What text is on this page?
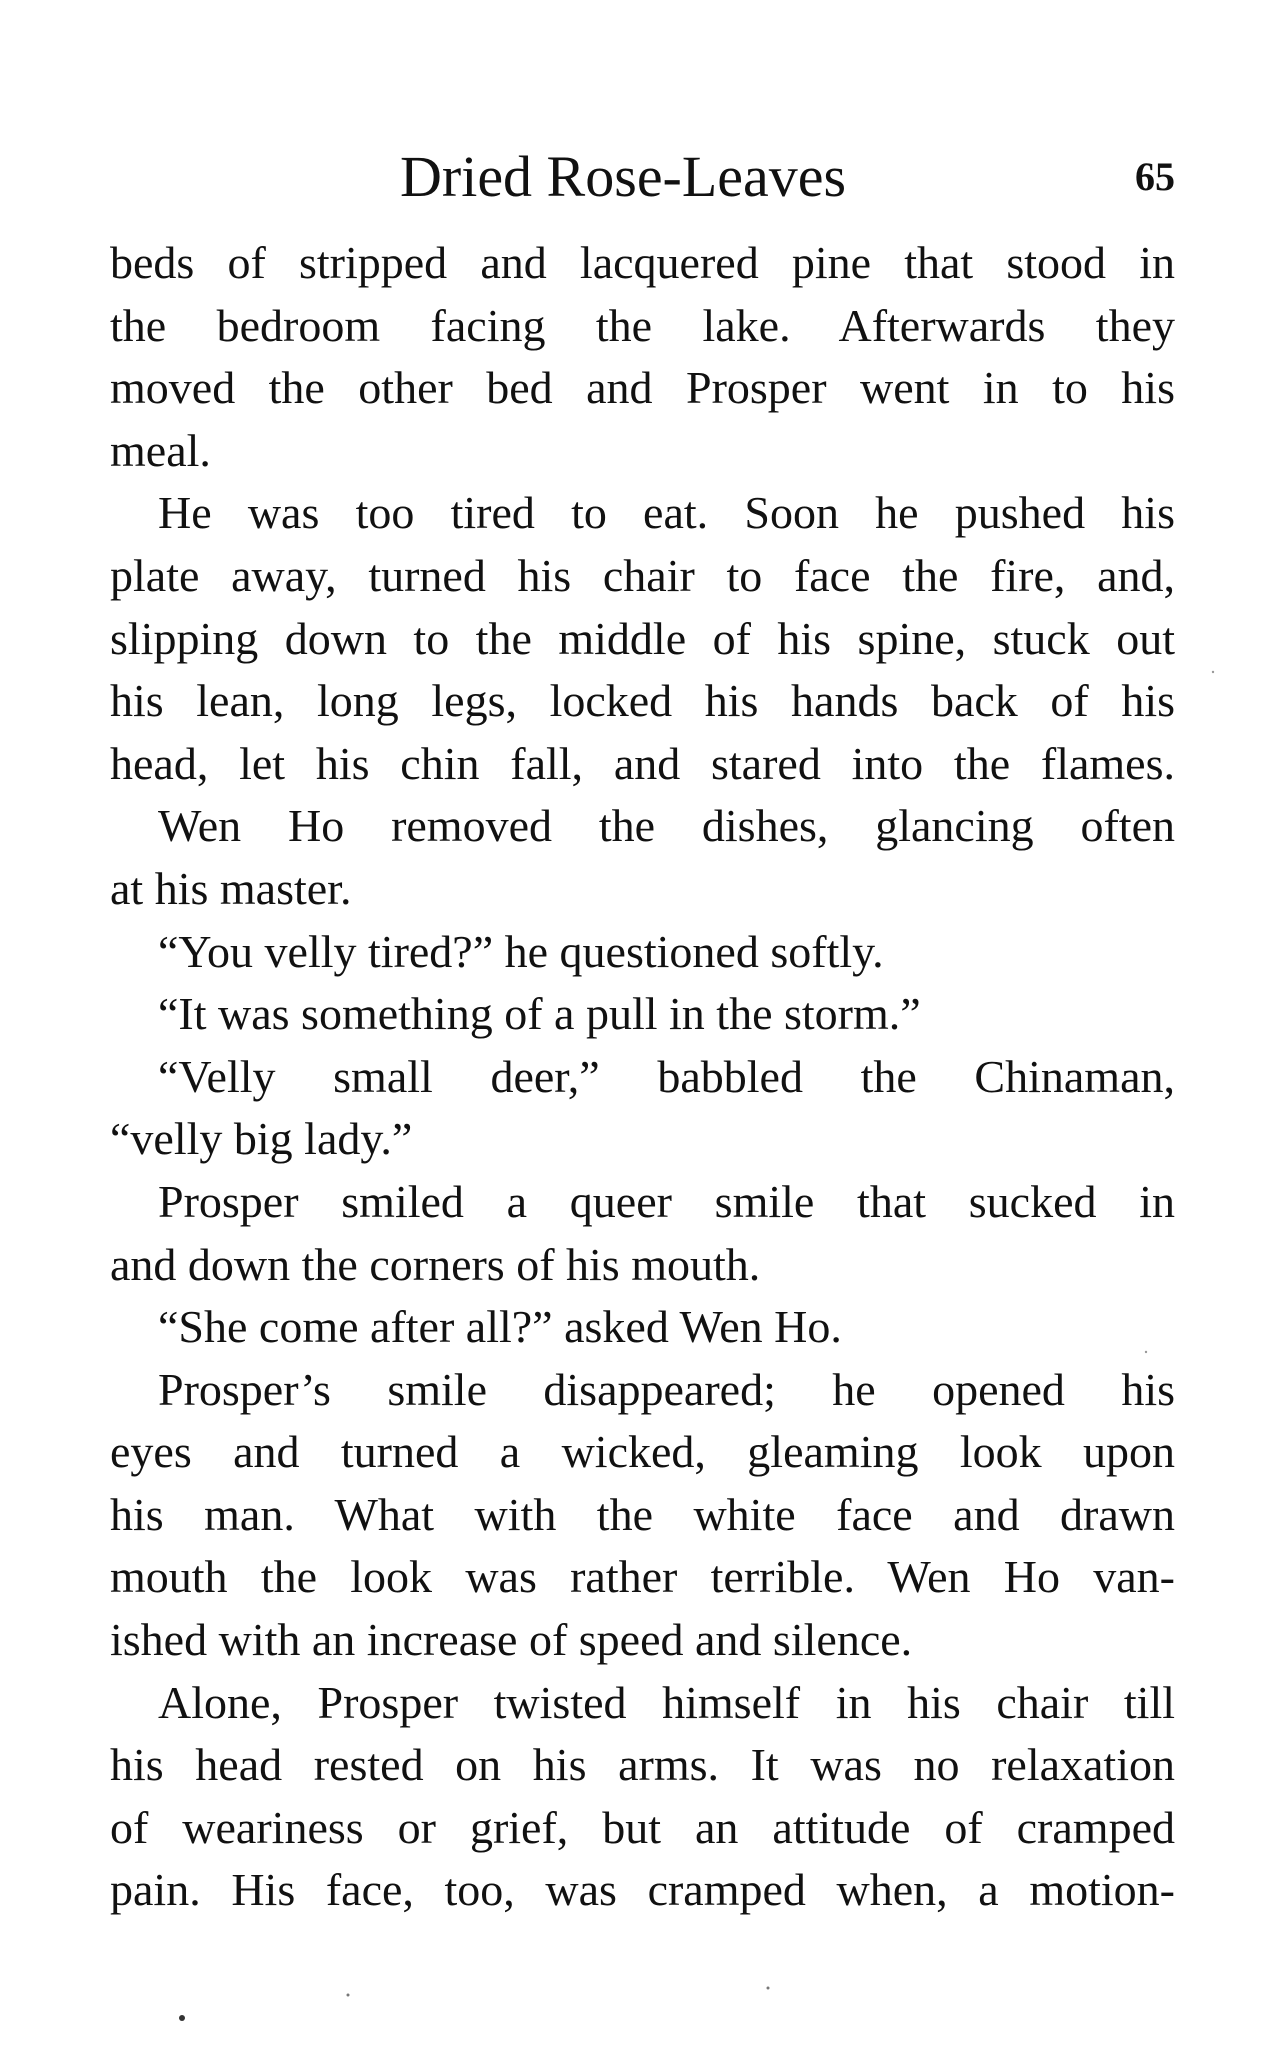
Dried Rose-Leaves	65
beds of stripped and lacquered pine that stood in
the bedroom facing the lake. Afterwards they
moved the other bed and Prosper went in to his
meal.
He was too tired to eat. Soon he pushed his
plate away, turned his chair to face the fire, and,
slipping down to the middle of his spine, stuck out
his lean, long legs, locked his hands back of his
head, let his chin fall, and stared into the flames.
Wen Ho removed the dishes, glancing often
at his master.
“You velly tired?” he questioned softly.
“It was something of a pull in the storm.”
“Velly small deer,” babbled the Chinaman,
“velly big lady.”
Prosper smiled a queer smile that sucked in
and down the corners of his mouth.
“She come after all?” asked Wen Ho.
Prosper’s smile disappeared; he opened his
eyes and turned a wicked, gleaming look upon
his man. What with the white face and drawn
mouth the look was rather terrible. Wen Ho van-
ished with an increase of speed and silence.
Alone, Prosper twisted himself in his chair till
his head rested on his arms. It was no relaxation
of weariness or grief, but an attitude of cramped
pain. His face, too, was cramped when, a motion-
